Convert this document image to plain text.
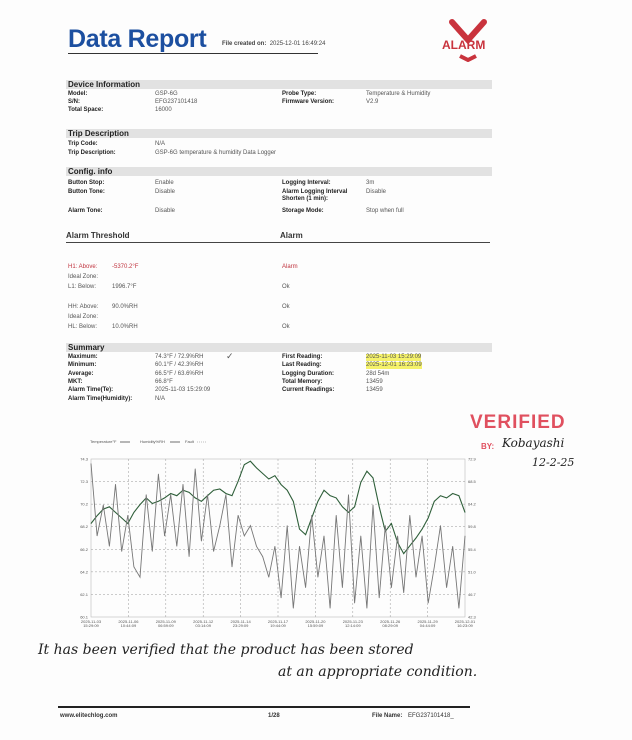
Data Report	File created on: 2025-12-01 16:49:24	ALARM
Device Information
Model:	GSP-6G
S/N:	EFG237101418
Total Space:	16000
Probe Type:	Temperature & Humidity
Firmware Version:	V2.9
Trip Description
Trip Code:	N/A
Trip Description:	GSP-6G temperature & humidity Data Logger
Config. info
Button Stop:	Enable
Button Tone:	Disable
Alarm Tone:	Disable
Logging Interval:	3m
Alarm Logging Interval Shorten (1 min):
Disable
Storage Mode:	Stop when full
H1: Above: -5370.2°F	Alarm
Ideal Zone:
L1: Below:	1996.7°F	Ok
HH: Above: 90.0%RH	Ok
Ideal Zone:
HL: Below: 10.0%RH	Ok
Summary
Maximum:	74.3°F / 72.9%RH
Minimum:	60.1°F / 42.3%RH
Average:	66.5°F / 63.6%RH
MKT:	66.8°F
Alarm Time(Te):	2025-11-03 15:29:09
Alarm Time(Humidity):	N/A
First Reading:	2025-11-03 15:29:09
Last Reading:	2025-12-01 16:23:09
Logging Duration:	28d 54m
Total Memory:	13459
Current Readings:	13459
✓
Alarm Threshold	Alarm
VERIFIED
BY: Kobayashi
12-2-25
Temperature°F	Humidity%RH	Fault
74.3	72.9
72.3	68.5
70.2	64.2
68.2	59.8
66.2	55.4
64.2	51.0
62.1	46.7
60.1	42.3
2025-11-03
15:29:09
2025-11-06
10:44:09
2025-11-09
06:59:09
2025-11-12
03:14:09
2025-11-14
23:29:09
2025-11-17
19:44:09
2025-11-20
15:59:09
2025-11-23
12:14:09
2025-11-26
08:29:09
2025-11-29
04:44:09
2025-12-01
16:23:09
It has been verified that the product has been stored
at an appropriate condition.
www.elitechlog.com	1/28	File Name: EFG237101418_
